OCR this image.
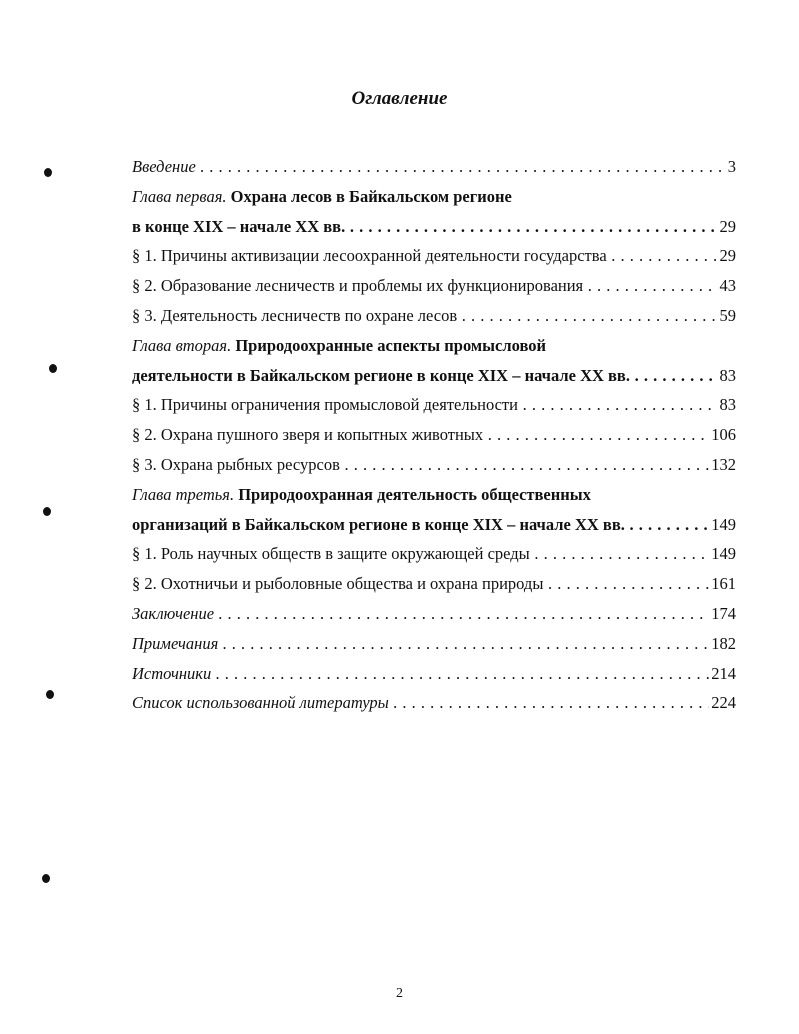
Оглавление
Введение . . .	3
Глава первая.
Охрана лесов в Байкальском регионе
в конце XIX – начале XX вв. . . .	29
§ 1. Причины активизации лесоохранной деятельности государства . . .	29
§ 2. Образование лесничеств и проблемы их функционирования . . .	43
§ 3. Деятельность лесничеств по охране лесов . . .	59
Глава вторая.
Природоохранные аспекты промысловой
деятельности в Байкальском регионе в конце XIX – начале XX вв. . . .	83
§ 1. Причины ограничения промысловой деятельности . . .	83
§ 2. Охрана пушного зверя и копытных животных . . .	106
§ 3. Охрана рыбных ресурсов . . .	132
Глава третья.
Природоохранная деятельность общественных
организаций в Байкальском регионе в конце XIX – начале XX вв. . . .	149
§ 1. Роль научных обществ в защите окружающей среды . . .	149
§ 2. Охотничьи и рыболовные общества и охрана природы . . .	161
Заключение . . .	174
Примечания . . .	182
Источники . . .	214
Список использованной литературы . . .	224
2
